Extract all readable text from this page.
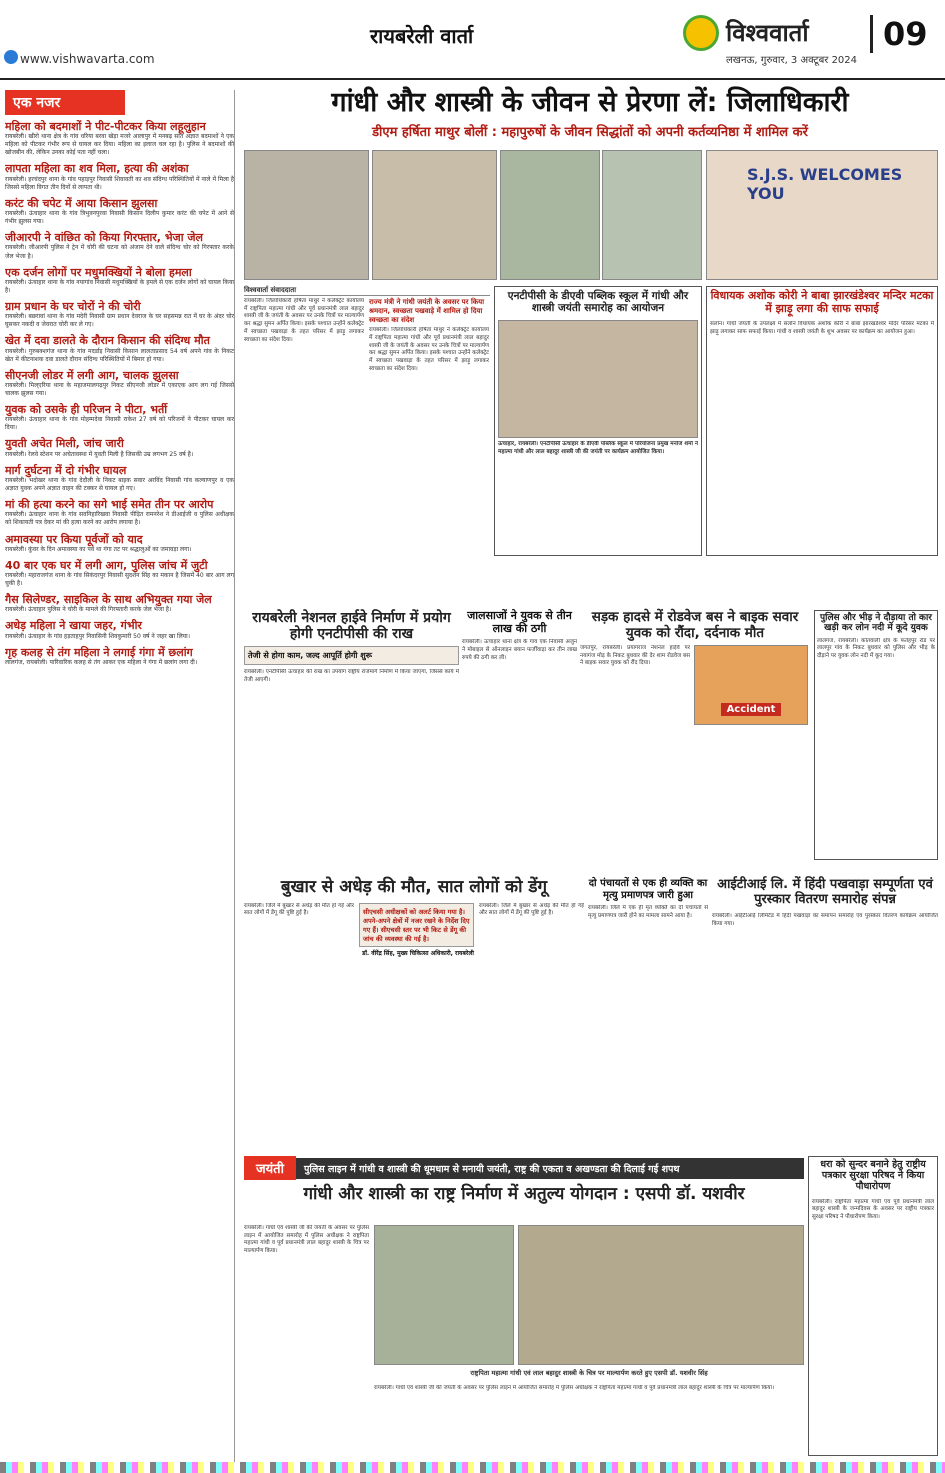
www.vishwavarta.com
रायबरेली वार्ता	विश्ववार्ता
लखनऊ, गुरुवार, 3 अक्टूबर 2024
09
एक नजर
महिला को बदमाशों ने पीट-पीटकर किया लहूलुहान
रायबरेली। खीरो थाना क्षेत्र के गांव धरिया बरवा खेड़ा मजरे आलापुर में मनबढ़ सात अज्ञात बदमाशों ने एक महिला को पीटकर गंभीर रूप से घायल कर दिया। महिला का इलाज चल रहा है। पुलिस ने बदमाशों की खोजबीन की, लेकिन उनका कोई पता नहीं चला।
लापता महिला का शव मिला, हत्या की अशंका
रायबरेली। हरचंदपुर थाना के गांव पहाड़पुर निवासी शिवावती का शव संदिग्ध परिस्थितियों में नाले में मिला है जिससे महिला विगत तीन दिनों से लापता थी।
करंट की चपेट में आया किसान झुलसा
रायबरेली। ऊंचाहार थाना के गांव त्रिभुवनपुरवा निवासी किसान दिलीप कुमार करंट की चपेट में आने से गंभीर झुलस गया।
जीआरपी ने वांछित को किया गिरफ्तार, भेजा जेल
रायबरेली। जीआरपी पुलिस ने ट्रेन में चोरी की घटना को अंजाम देने वाले संदिग्ध चोर को गिरफ्तार करके जेल भेजा है।
एक दर्जन लोगों पर मधुमक्खियों ने बोला हमला
रायबरेली। ऊंचाहार थाना के गांव नयागांव निवासी मधुमक्खियों के हमले से एक दर्जन लोगों को घायल किया है।
ग्राम प्रधान के घर चोरों ने की चोरी
रायबरेली। बछरावां थाना के गांव मदेरी निवासी ग्राम प्रधान देवराज के घर सहसमन्न रात में घर के अंदर चोर घुसकर नकदी व जेवरात चोरी कर ले गए।
खेत में दवा डालते के दौरान किसान की संदिग्ध मौत
रायबरेली। गुरुबक्शगंज थाना के गांव मदर्डाइ निवासी किसान लालताप्रसाद 54 वर्ष अपने गांव के निकट खेत में कीटनाशक दवा डालते दौरान संदिग्ध परिस्थितियों में बिमार हो गया।
सीएनजी लोडर में लगी आग, चालक झुलसा
रायबरेली। मिल्एरिया थाना के महाजमालगढ़पुर निकट सीएनजी लोडर में एकाएक आग लग गई जिससे चालक झुलस गया।
युवक को उसके ही परिजन ने पीटा, भर्ती
रायबरेली। ऊंचाहार थाना के गांव मोहम्मदेवा निवासी राकेश 27 वर्ष को परिजनों ने पीटकर घायल कर दिया।
युवती अचेत मिली, जांच जारी
रायबरेली। रेलवे स्टेशन पर अचेतावस्था में युवती मिली है जिसकी उम्र लगभग 25 वर्ष है।
मार्ग दुर्घटना में दो गंभीर घायल
रायबरेली। भदोखर थाना के गांव देदौली के निकट बाइक सवार अरविंद निवासी गांव कल्याणपुर व एक अज्ञात युवक अपने अज्ञात वाहन की टक्कर से घायल हो गए।
मां की हत्या करने का सगे भाई समेत तीन पर आरोप
रायबरेली। ऊंचाहार थाना के गांव सवनिहारिखवा निवासी पीड़ित रामनरेश ने डीआईजी व पुलिस अधीक्षक को शिकायती पत्र देकर मां की हत्या करने का आरोप लगाया है।
अमावस्या पर किया पूर्वजों को याद
रायबरेली। कुंवर के दिन अमावस्या का पर्व था गंगा तट पर श्रद्धालुओं का जमावड़ा लगा।
40 बार एक घर में लगी आग, पुलिस जांच में जुटी
रायबरेली। महाराजगंज थाना के गांव सिकंदरपुर निवासी सुदर्शन सिंह का मकान है जिसमें 40 बार आग लग चुकी है।
गैस सिलेण्डर, साइकिल के साथ अभियुक्त गया जेल
रायबरेली। ऊंचाहार पुलिस ने चोरी के मामले की गिरफ्तारी करके जेल भेजा है।
अधेड़ महिला ने खाया जहर, गंभीर
रायबरेली। ऊंचाहार के गांव हड़ताहपुर निवासिनी शिवकुमारी 50 वर्ष ने जहर खा लिया।
गृह कलह से तंग महिला ने लगाई गंगा में छलांग
लालगंज, रायबरेली। पारिवारिक कलह से तंग आकर एक महिला ने गंगा में छलांग लगा दी।
गांधी और शास्त्री के जीवन से प्रेरणा लें: जिलाधिकारी
डीएम हर्षिता माथुर बोलीं : महापुरुषों के जीवन सिद्धांतों को अपनी कर्तव्यनिष्ठा में शामिल करें
S.J.S. WELCOMES YOU
विश्ववार्ता संवाददाता
रायबरेली। जिलाधिकारी हर्षिता माथुर ने कलेक्ट्रेट कार्यालय में राष्ट्रपिता महात्मा गांधी और पूर्व प्रधानमंत्री लाल बहादुर शास्त्री जी के जयंती के अवसर पर उनके चित्रों पर माल्यार्पण कर श्रद्धा सुमन अर्पित किया। इसके पश्चात उन्होंने कलेक्ट्रेट में स्वच्छता पखवाड़ा के तहत परिसर में झाड़ू लगाकर स्वच्छता का संदेश दिया।
राज्य मंत्री ने गांधी जयंती के अवसर पर किया श्रमदान, स्वच्छता पखवाड़े में शामिल हो दिया स्वच्छता का संदेश
रायबरेली। जिलाधिकारी हर्षिता माथुर ने कलेक्ट्रेट कार्यालय में राष्ट्रपिता महात्मा गांधी और पूर्व प्रधानमंत्री लाल बहादुर शास्त्री जी के जयंती के अवसर पर उनके चित्रों पर माल्यार्पण कर श्रद्धा सुमन अर्पित किया। इसके पश्चात उन्होंने कलेक्ट्रेट में स्वच्छता पखवाड़ा के तहत परिसर में झाड़ू लगाकर स्वच्छता का संदेश दिया।
एनटीपीसी के डीएवी पब्लिक स्कूल में गांधी और शास्त्री जयंती समारोह का आयोजन
ऊंचाहार, रायबरेली। एनटीपीसी ऊंचाहार के डीएवी पब्लिक स्कूल में परियोजना प्रमुख मनोज शर्मा ने महात्मा गांधी और लाल बहादुर शास्त्री जी की जयंती पर कार्यक्रम आयोजित किया।
विधायक अशोक कोरी ने बाबा झारखंडेश्वर मन्दिर मटका में झाड़ू लगा की साफ सफाई
सलोन। गांधी जयंती के उपलक्ष्य में सलोन विधायक अशोक कोरी ने बाबा झारखंडेश्वर मंदिर परिसर मटका में झाड़ू लगाकर साफ सफाई किया। गांधी व शास्त्री जयंती के शुभ अवसर पर कार्यक्रम का आयोजन हुआ।
रायबरेली नेशनल हाईवे निर्माण में प्रयोग होगी एनटीपीसी की राख
तेजी से होगा काम, जल्द आपूर्ति होगी शुरू
रायबरेली। एनटीपीसी ऊंचाहार की राख का उपयोग राष्ट्रीय राजमार्ग निर्माण में किया जाएगा, जिससे कार्य में तेजी आएगी।
जालसाजों ने युवक से तीन लाख की ठगी
रायबरेली। ऊंचाहार थाना क्षेत्र के गांव एक निवासी अजुन ने मोबाइल से ऑनलाइन बयान फर्जीवाड़ा कर तीन लाख रुपये की ठगी कर ली।
सड़क हादसे में रोडवेज बस ने बाइक सवार युवक को रौंदा, दर्दनाक मौत
जगतपुर, रायबरेली। प्रयागराज नेशनल हाईवे पर नयागंज मोड़ के निकट बुधवार की देर शाम रोडवेज बस ने बाइक सवार युवक को रौंद दिया।
Accident
पुलिस और भीड़ ने दौड़ाया तो कार खड़ी कर लोन नदी में कूदे युवक
लालगंज, रायबरेली। कोतवाली क्षेत्र के फतेहपुर रोड पर लालपुर गांव के निकट बुधवार को पुलिस और भीड़ के दौड़ाने पर युवक लोन नदी में कूद गया।
बुखार से अधेड़ की मौत, सात लोगों को डेंगू
रायबरेली। जिले में बुखार से अधेड़ की मौत हो गई और सात लोगों में डेंगू की पुष्टि हुई है।	सीएचसी अधीक्षकों को अलर्ट किया गया है। अपने-अपने क्षेत्रों में नजर रखने के निर्देश दिए गए हैं। सीएचसी स्तर पर भी किट से डेंगू की जांच की व्यवस्था की गई है।
डॉ. वीरेंद्र सिंह, मुख्य चिकित्सा अधिकारी, रायबरेली
रायबरेली। जिले में बुखार से अधेड़ की मौत हो गई और सात लोगों में डेंगू की पुष्टि हुई है।
दो पंचायतों से एक ही व्यक्ति का मृत्यु प्रमाणपत्र जारी हुआ
रायबरेली। जिले में एक ही मृत व्यक्ति का दो पंचायतों से मृत्यु प्रमाणपत्र जारी होने का मामला सामने आया है।
आईटीआई लि. में हिंदी पखवाड़ा सम्पूर्णता एवं पुरस्कार वितरण समारोह संपन्न
रायबरेली। आईटीआई लिमिटेड में हिंदी पखवाड़ा का समापन समारोह एवं पुरस्कार वितरण कार्यक्रम आयोजित किया गया।
जयंती	पुलिस लाइन में गांधी व शास्त्री की धूमधाम से मनायी जयंती, राष्ट्र की एकता व अखण्डता की दिलाई गई शपथ
गांधी और शास्त्री का राष्ट्र निर्माण में अतुल्य योगदान : एसपी डॉ. यशवीर
रायबरेली। गांधी एवं शास्त्री जी की जयंती के अवसर पर पुलिस लाइन में आयोजित समारोह में पुलिस अधीक्षक ने राष्ट्रपिता महात्मा गांधी व पूर्व प्रधानमंत्री लाल बहादुर शास्त्री के चित्र पर माल्यार्पण किया।
राष्ट्रपिता महात्मा गांधी एवं लाल बहादुर शास्त्री के चित्र पर माल्यार्पण करते हुए एसपी डॉ. यशवीर सिंह
रायबरेली। गांधी एवं शास्त्री जी की जयंती के अवसर पर पुलिस लाइन में आयोजित समारोह में पुलिस अधीक्षक ने राष्ट्रपिता महात्मा गांधी व पूर्व प्रधानमंत्री लाल बहादुर शास्त्री के चित्र पर माल्यार्पण किया।
धरा को सुन्दर बनाने हेतु राष्ट्रीय पत्रकार सुरक्षा परिषद ने किया पौधारोपण
रायबरेली। राष्ट्रपिता महात्मा गांधी एवं पूर्व प्रधानमंत्री लाल बहादुर शास्त्री के जन्मदिवस के अवसर पर राष्ट्रीय पत्रकार सुरक्षा परिषद ने पौधारोपण किया।
